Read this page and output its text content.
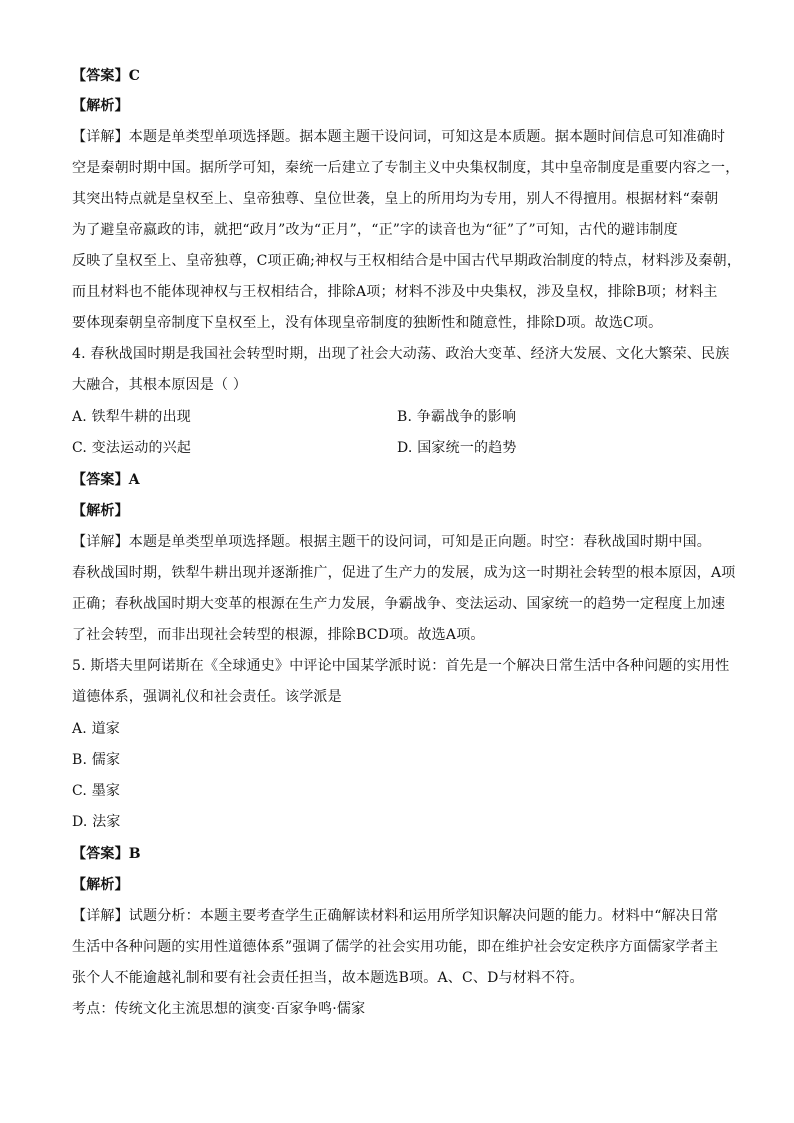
【答案】C
【解析】
【详解】本题是单类型单项选择题。据本题主题干设问词，可知这是本质题。据本题时间信息可知准确时
空是秦朝时期中国。据所学可知，秦统一后建立了专制主义中央集权制度，其中皇帝制度是重要内容之一，
其突出特点就是皇权至上、皇帝独尊、皇位世袭，皇上的所用均为专用，别人不得擅用。根据材料“秦朝
为了避皇帝嬴政的讳，就把“政月”改为“正月”，“正”字的读音也为“征”了”可知，古代的避讳制度
反映了皇权至上、皇帝独尊，C项正确;神权与王权相结合是中国古代早期政治制度的特点，材料涉及秦朝，
而且材料也不能体现神权与王权相结合，排除A项；材料不涉及中央集权，涉及皇权，排除B项；材料主
要体现秦朝皇帝制度下皇权至上，没有体现皇帝制度的独断性和随意性，排除D项。故选C项。
4. 春秋战国时期是我国社会转型时期，出现了社会大动荡、政治大变革、经济大发展、文化大繁荣、民族
大融合，其根本原因是（ ）
A. 铁犁牛耕的出现	B. 争霸战争的影响
C. 变法运动的兴起	D. 国家统一的趋势
【答案】A
【解析】
【详解】本题是单类型单项选择题。根据主题干的设问词，可知是正向题。时空：春秋战国时期中国。
春秋战国时期，铁犁牛耕出现并逐渐推广，促进了生产力的发展，成为这一时期社会转型的根本原因，A项
正确；春秋战国时期大变革的根源在生产力发展，争霸战争、变法运动、国家统一的趋势一定程度上加速
了社会转型，而非出现社会转型的根源，排除BCD项。故选A项。
5. 斯塔夫里阿诺斯在《全球通史》中评论中国某学派时说：首先是一个解决日常生活中各种问题的实用性
道德体系，强调礼仪和社会责任。该学派是
A. 道家
B. 儒家
C. 墨家
D. 法家
【答案】B
【解析】
【详解】试题分析：本题主要考查学生正确解读材料和运用所学知识解决问题的能力。材料中“解决日常
生活中各种问题的实用性道德体系”强调了儒学的社会实用功能，即在维护社会安定秩序方面儒家学者主
张个人不能逾越礼制和要有社会责任担当，故本题选B项。A、C、D与材料不符。
考点：传统文化主流思想的演变·百家争鸣·儒家
